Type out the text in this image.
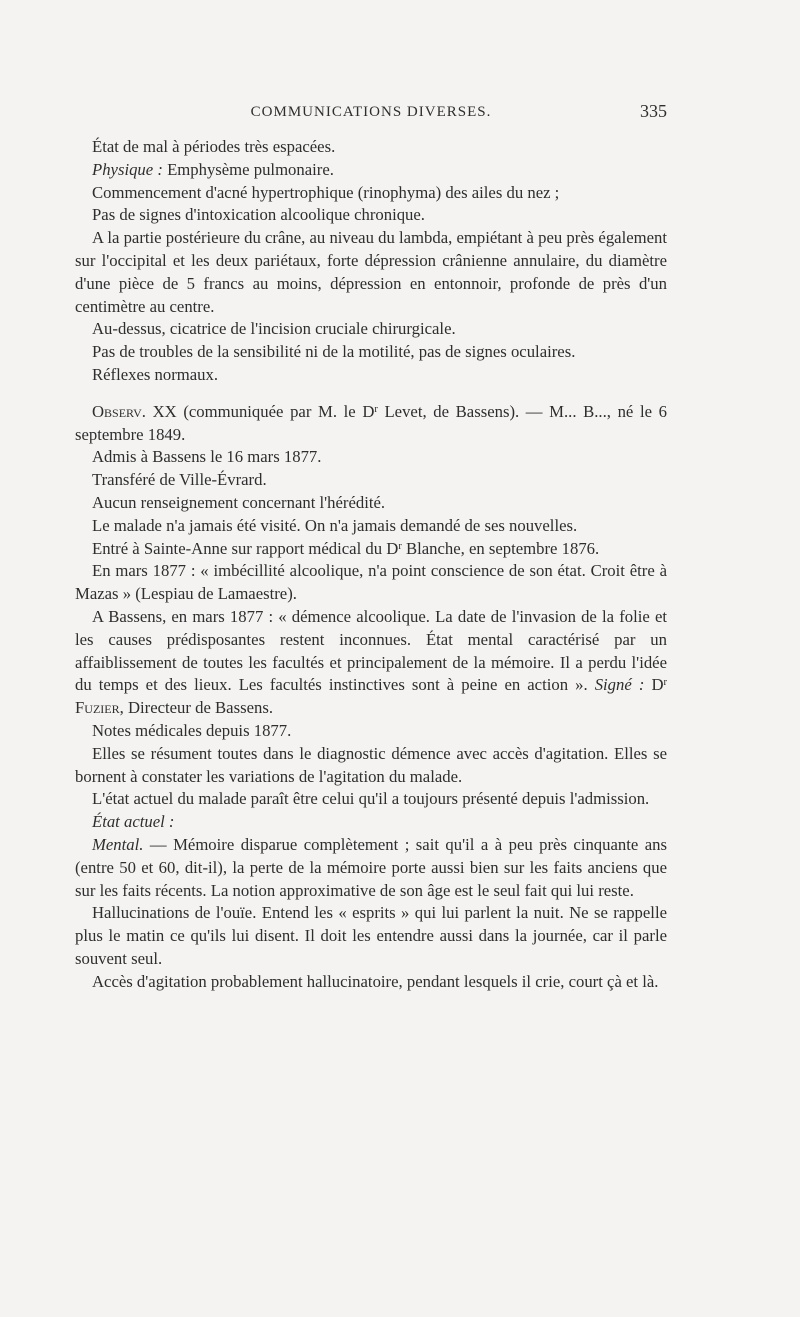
COMMUNICATIONS DIVERSES.	335

État de mal à périodes très espacées.

Physique : Emphysème pulmonaire.

Commencement d'acné hypertrophique (rinophyma) des ailes du nez ;

Pas de signes d'intoxication alcoolique chronique.

A la partie postérieure du crâne, au niveau du lambda, empiétant à peu près également sur l'occipital et les deux pariétaux, forte dépression crânienne annulaire, du diamètre d'une pièce de 5 francs au moins, dépression en entonnoir, profonde de près d'un centimètre au centre.

Au-dessus, cicatrice de l'incision cruciale chirurgicale.

Pas de troubles de la sensibilité ni de la motilité, pas de signes oculaires.

Réflexes normaux.

Observ. XX (communiquée par M. le $D^r$ Levet, de Bassens). — M... B..., né le 6 septembre 1849.

Admis à Bassens le 16 mars 1877.

Transféré de Ville-Évrard.

Aucun renseignement concernant l'hérédité.

Le malade n'a jamais été visité. On n'a jamais demandé de ses nouvelles.

Entré à Sainte-Anne sur rapport médical du $D^r$ Blanche, en septembre 1876.

En mars 1877 : « imbécillité alcoolique, n'a point conscience de son état. Croit être à Mazas » (Lespiau de Lamaestre).

A Bassens, en mars 1877 : « démence alcoolique. La date de l'invasion de la folie et les causes prédisposantes restent inconnues. État mental caractérisé par un affaiblissement de toutes les facultés et principalement de la mémoire. Il a perdu l'idée du temps et des lieux. Les facultés instinctives sont à peine en action ». Signé : $D^r$ Fuzier, Directeur de Bassens.

Notes médicales depuis 1877.

Elles se résument toutes dans le diagnostic démence avec accès d'agitation. Elles se bornent à constater les variations de l'agitation du malade.

L'état actuel du malade paraît être celui qu'il a toujours présenté depuis l'admission.

État actuel :

Mental. — Mémoire disparue complètement ; sait qu'il a à peu près cinquante ans (entre 50 et 60, dit-il), la perte de la mémoire porte aussi bien sur les faits anciens que sur les faits récents. La notion approximative de son âge est le seul fait qui lui reste.

Hallucinations de l'ouïe. Entend les « esprits » qui lui parlent la nuit. Ne se rappelle plus le matin ce qu'ils lui disent. Il doit les entendre aussi dans la journée, car il parle souvent seul.

Accès d'agitation probablement hallucinatoire, pendant lesquels il crie, court çà et là.
